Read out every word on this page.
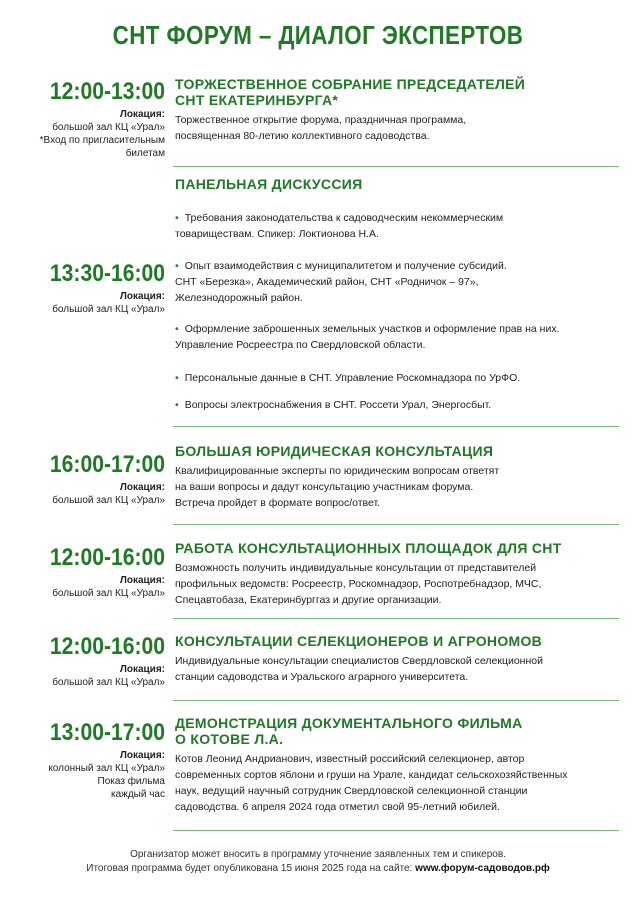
СНТ ФОРУМ – ДИАЛОГ ЭКСПЕРТОВ
12:00-13:00
Локация:
большой зал КЦ «Урал»
*Вход по пригласительным
билетам
ТОРЖЕСТВЕННОЕ СОБРАНИЕ ПРЕДСЕДАТЕЛЕЙ
СНТ ЕКАТЕРИНБУРГА*
Торжественное открытие форума, праздничная программа,
посвященная 80-летию коллективного садоводства.
13:30-16:00
Локация:
большой зал КЦ «Урал»
ПАНЕЛЬНАЯ ДИСКУССИЯ
• Требования законодательства к садоводческим некоммерческим
товариществам. Спикер: Локтионова Н.А.
• Опыт взаимодействия с муниципалитетом и получение субсидий.
СНТ «Березка», Академический район, СНТ «Родничок – 97»,
Железнодорожный район.
• Оформление заброшенных земельных участков и оформление прав на них.
Управление Росреестра по Свердловской области.
• Персональные данные в СНТ. Управление Роскомнадзора по УрФО.
• Вопросы электроснабжения в СНТ. Россети Урал, Энергосбыт.
16:00-17:00
Локация:
большой зал КЦ «Урал»
БОЛЬШАЯ ЮРИДИЧЕСКАЯ КОНСУЛЬТАЦИЯ
Квалифицированные эксперты по юридическим вопросам ответят
на ваши вопросы и дадут консультацию участникам форума.
Встреча пройдет в формате вопрос/ответ.
12:00-16:00
Локация:
большой зал КЦ «Урал»
РАБОТА КОНСУЛЬТАЦИОННЫХ ПЛОЩАДОК ДЛЯ СНТ
Возможность получить индивидуальные консультации от представителей
профильных ведомств: Росреестр, Роскомнадзор, Роспотребнадзор, МЧС,
Спецавтобаза, Екатеринбурггаз и другие организации.
12:00-16:00
Локация:
большой зал КЦ «Урал»
КОНСУЛЬТАЦИИ СЕЛЕКЦИОНЕРОВ И АГРОНОМОВ
Индивидуальные консультации специалистов Свердловской селекционной
станции садоводства и Уральского аграрного университета.
13:00-17:00
Локация:
колонный зал КЦ «Урал»
Показ фильма
каждый час
ДЕМОНСТРАЦИЯ ДОКУМЕНТАЛЬНОГО ФИЛЬМА
О КОТОВЕ Л.А.
Котов Леонид Андрианович, известный российский селекционер, автор
современных сортов яблони и груши на Урале, кандидат сельскохозяйственных
наук, ведущий научный сотрудник Свердловской селекционной станции
садоводства. 6 апреля 2024 года отметил свой 95-летний юбилей.
Организатор может вносить в программу уточнение заявленных тем и спикеров.
Итоговая программа будет опубликована 15 июня 2025 года на сайте: www.форум-садоводов.рф
